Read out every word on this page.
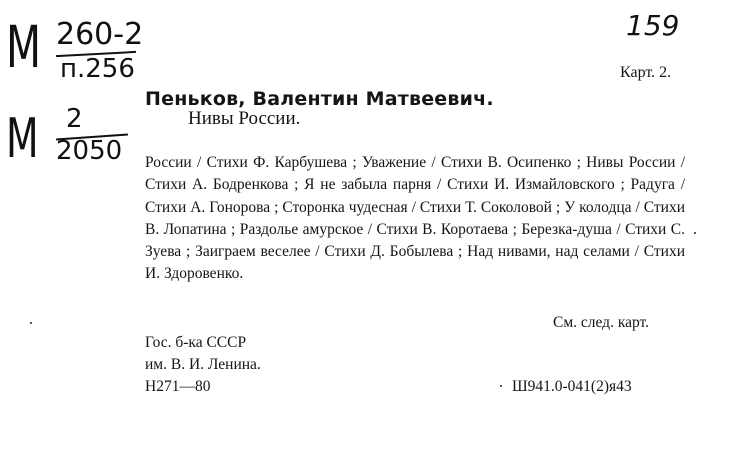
M 260-2
п.256
M 2
2050
159
Карт. 2.
Пеньков, Валентин Матвеевич.
Нивы России.

России / Стихи Ф. Карбушева ; Уважение / Стихи В. Осипенко ; Нивы России / Стихи А. Бодренкова ; Я не забыла парня / Стихи И. Измайловского ; Радуга / Стихи А. Гонорова ; Сторонка чудесная / Стихи Т. Соколовой ; У колодца / Стихи В. Лопатина ; Раздолье амурское / Стихи В. Коротаева ; Березка-душа / Стихи С. Зуева ; Заиграем веселее / Стихи Д. Бобылева ; Над нивами, над селами / Стихи И. Здоровенко.

См. след. карт.
Гос. б-ка СССР
им. В. И. Ленина.
Н271—80	Ш941.0-041(2)я43
